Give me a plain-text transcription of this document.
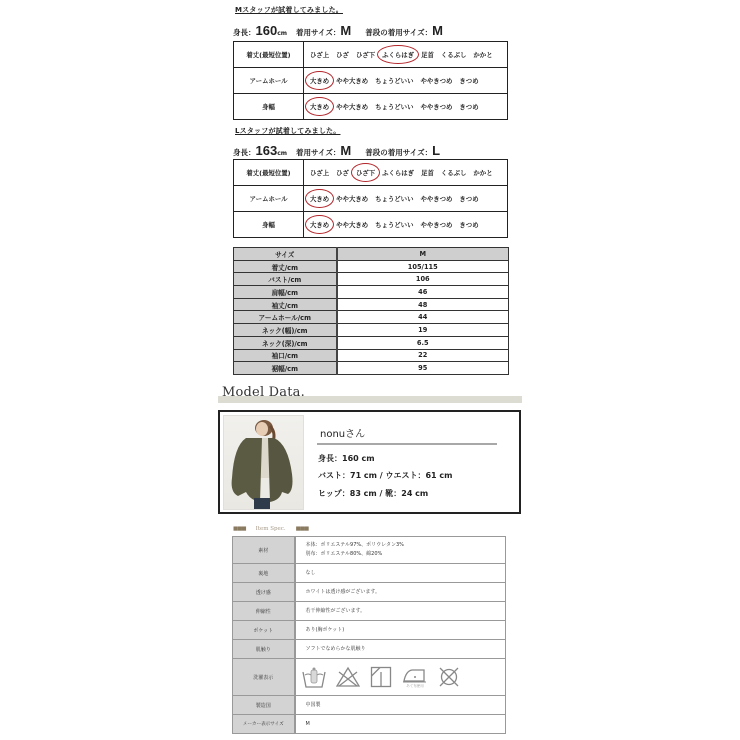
Mスタッフが試着してみました。
身長： 160 cm 着用サイズ： M 普段の着用サイズ： M
着丈(最短位置)	ひざ上 ひざ ひざ下 ふくらはぎ 足首 くるぶし かかと
アームホール	大きめ やや大きめ ちょうどいい ややきつめ きつめ
身幅	大きめ やや大きめ ちょうどいい ややきつめ きつめ
Lスタッフが試着してみました。
身長： 163 cm 着用サイズ： M 普段の着用サイズ： L
着丈(最短位置)	ひざ上 ひざ ひざ下 ふくらはぎ 足首 くるぶし かかと
アームホール	大きめ やや大きめ ちょうどいい ややきつめ きつめ
身幅	大きめ やや大きめ ちょうどいい ややきつめ きつめ
サイズ	M
着丈/cm	105/115
バスト/cm	106
肩幅/cm	46
袖丈/cm	48
アームホール/cm	44
ネック(幅)/cm	19
ネック(深)/cm	6.5
袖口/cm	22
裾幅/cm	95
Model Data.
nonuさん
身長：160 cm
バスト：71 cm / ウエスト：61 cm
ヒップ：83 cm / 靴：24 cm
■■■ Item Spec. ■■■
素材	本体：ポリエステル97%、ポリウレタン3%
別布：ポリエステル80%、綿20%

裏地	なし
透け感	ホワイトは透け感がございます。
伸縮性	若干伸縮性がございます。
ポケット	あり(胸ポケット)
肌触り	ソフトでなめらかな肌触り
洗濯表示	あて布使用

製造国	中国製
メーカー表示サイズ	M
